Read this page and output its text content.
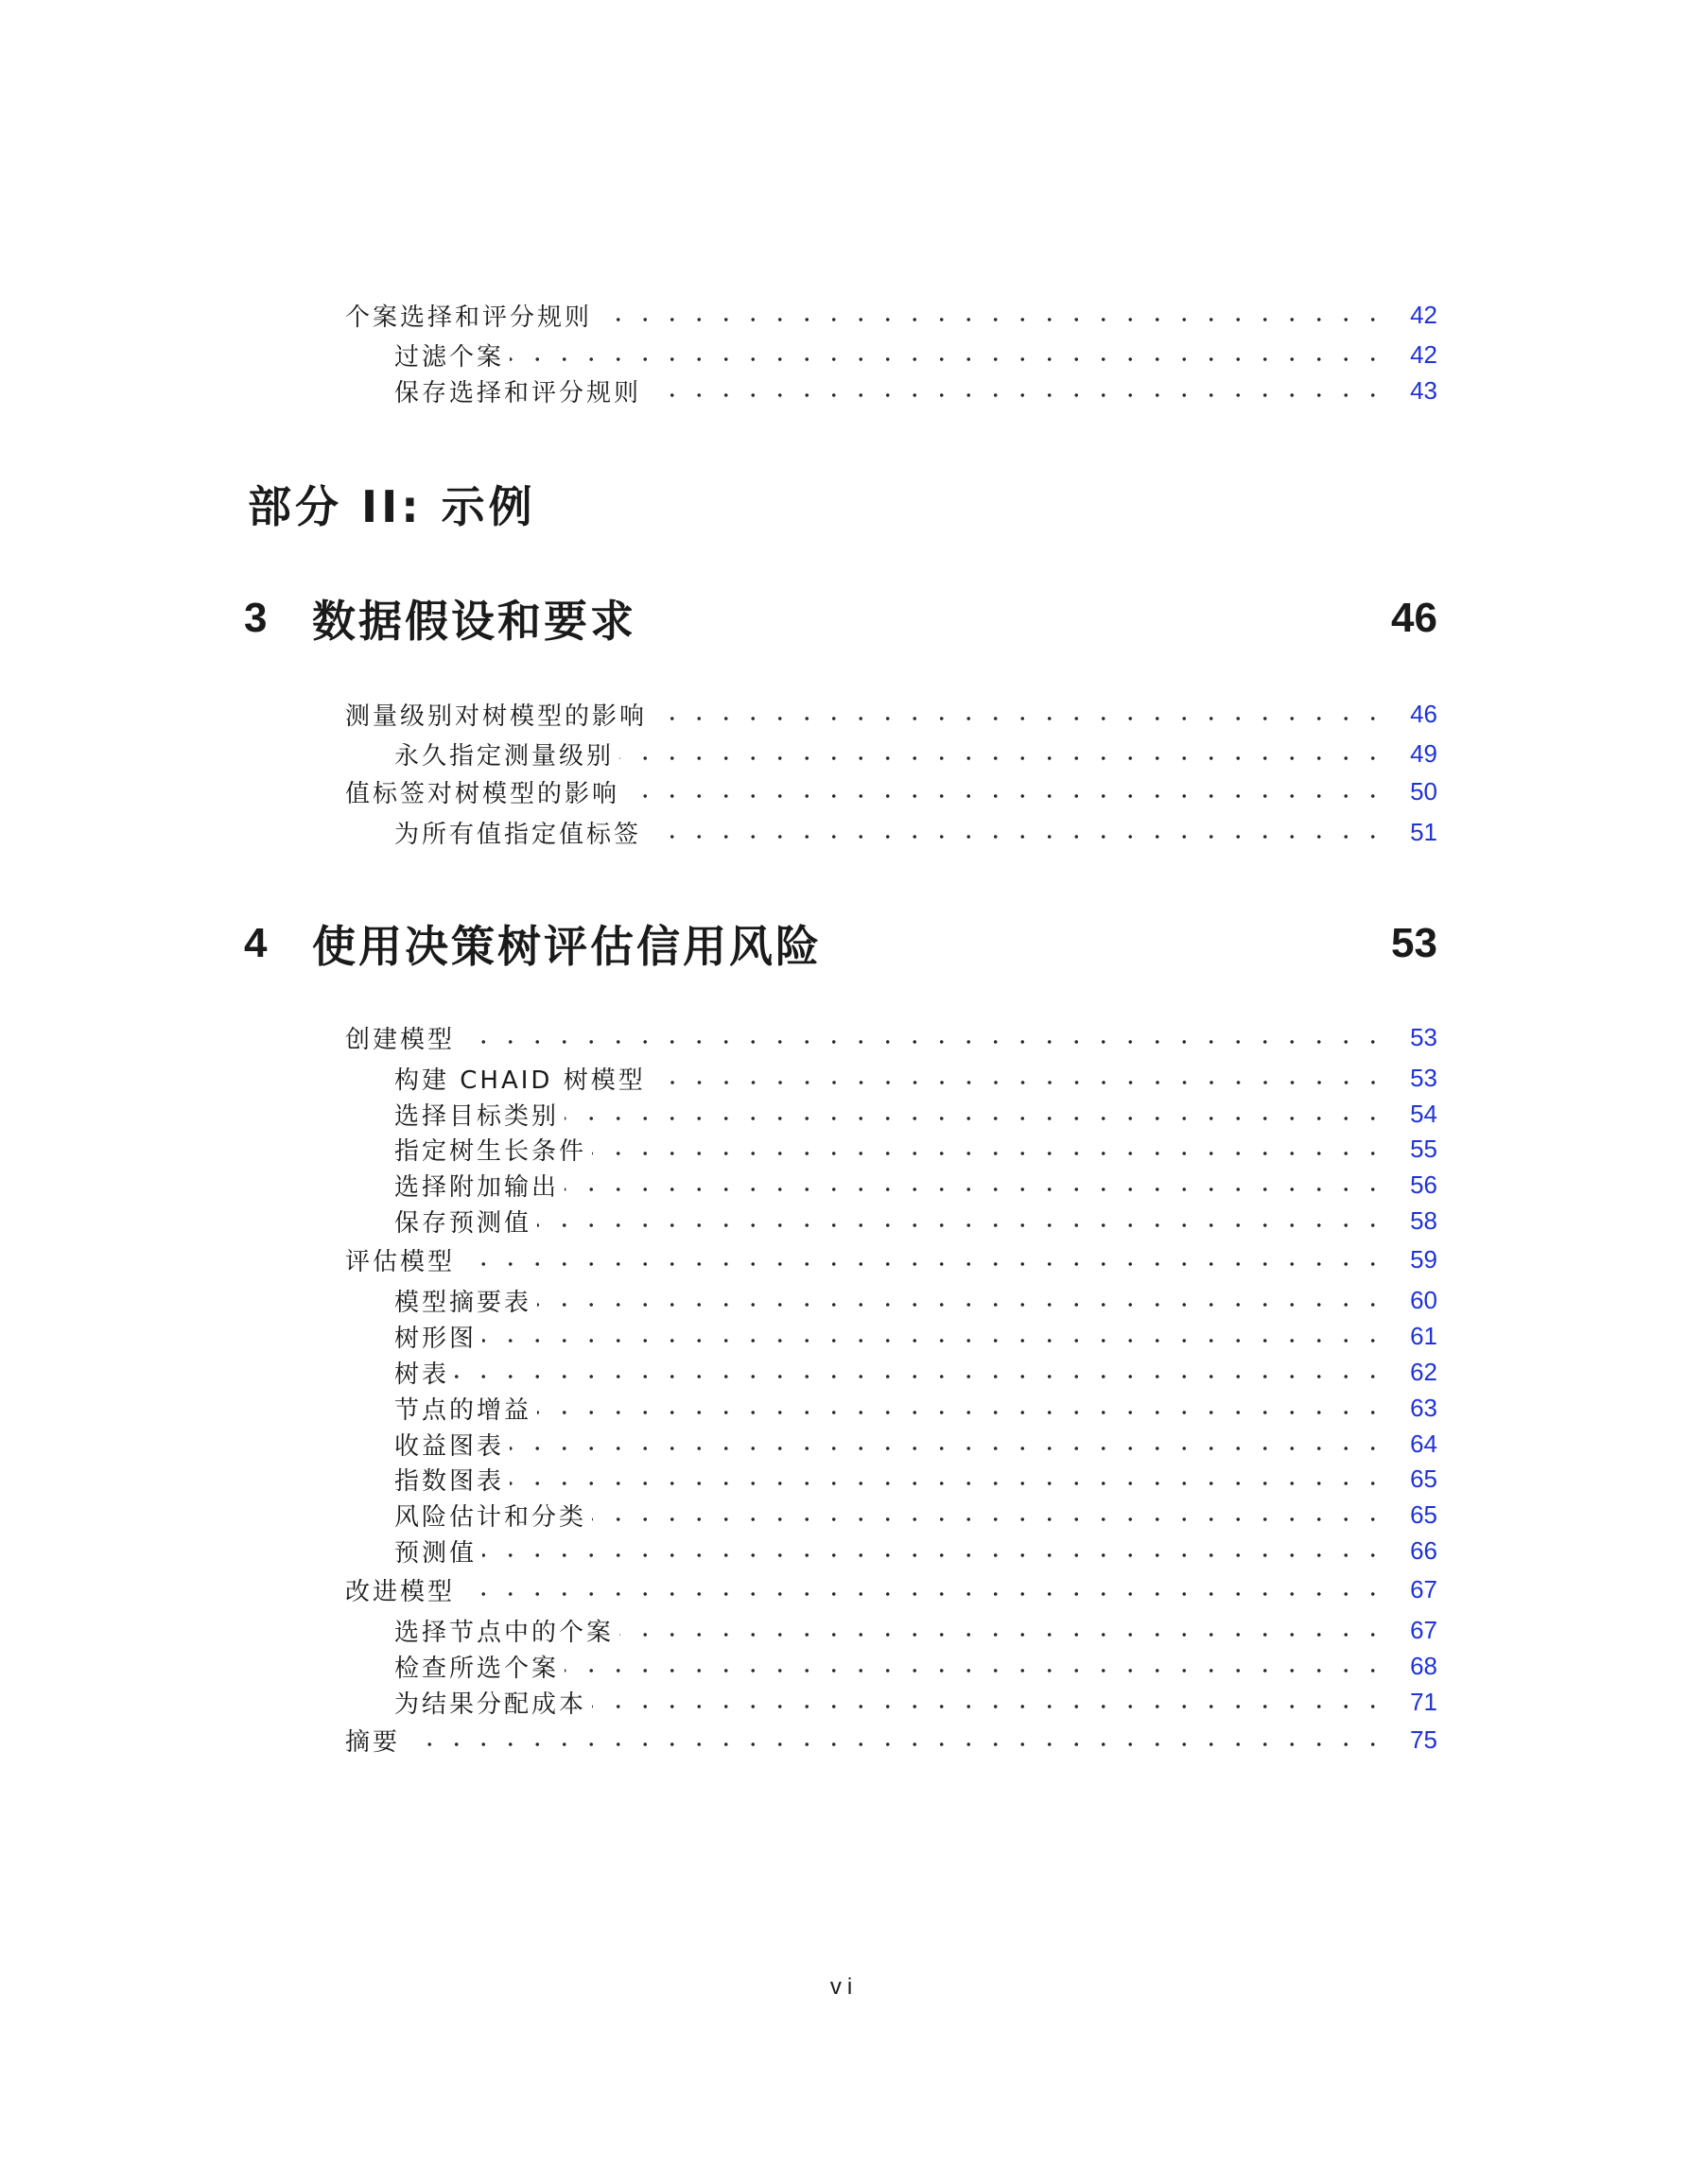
个案选择和评分规则	42
过滤个案	42
保存选择和评分规则	43
部分 II: 示例
3	数据假设和要求	46
测量级别对树模型的影响	46
永久指定测量级别	49
值标签对树模型的影响	50
为所有值指定值标签	51
4	使用决策树评估信用风险	53
创建模型	53
构建 CHAID 树模型	53
选择目标类别	54
指定树生长条件	55
选择附加输出	56
保存预测值	58
评估模型	59
模型摘要表	60
树形图	61
树表	62
节点的增益	63
收益图表	64
指数图表	65
风险估计和分类	65
预测值	66
改进模型	67
选择节点中的个案	67
检查所选个案	68
为结果分配成本	71
摘要	75
vi
